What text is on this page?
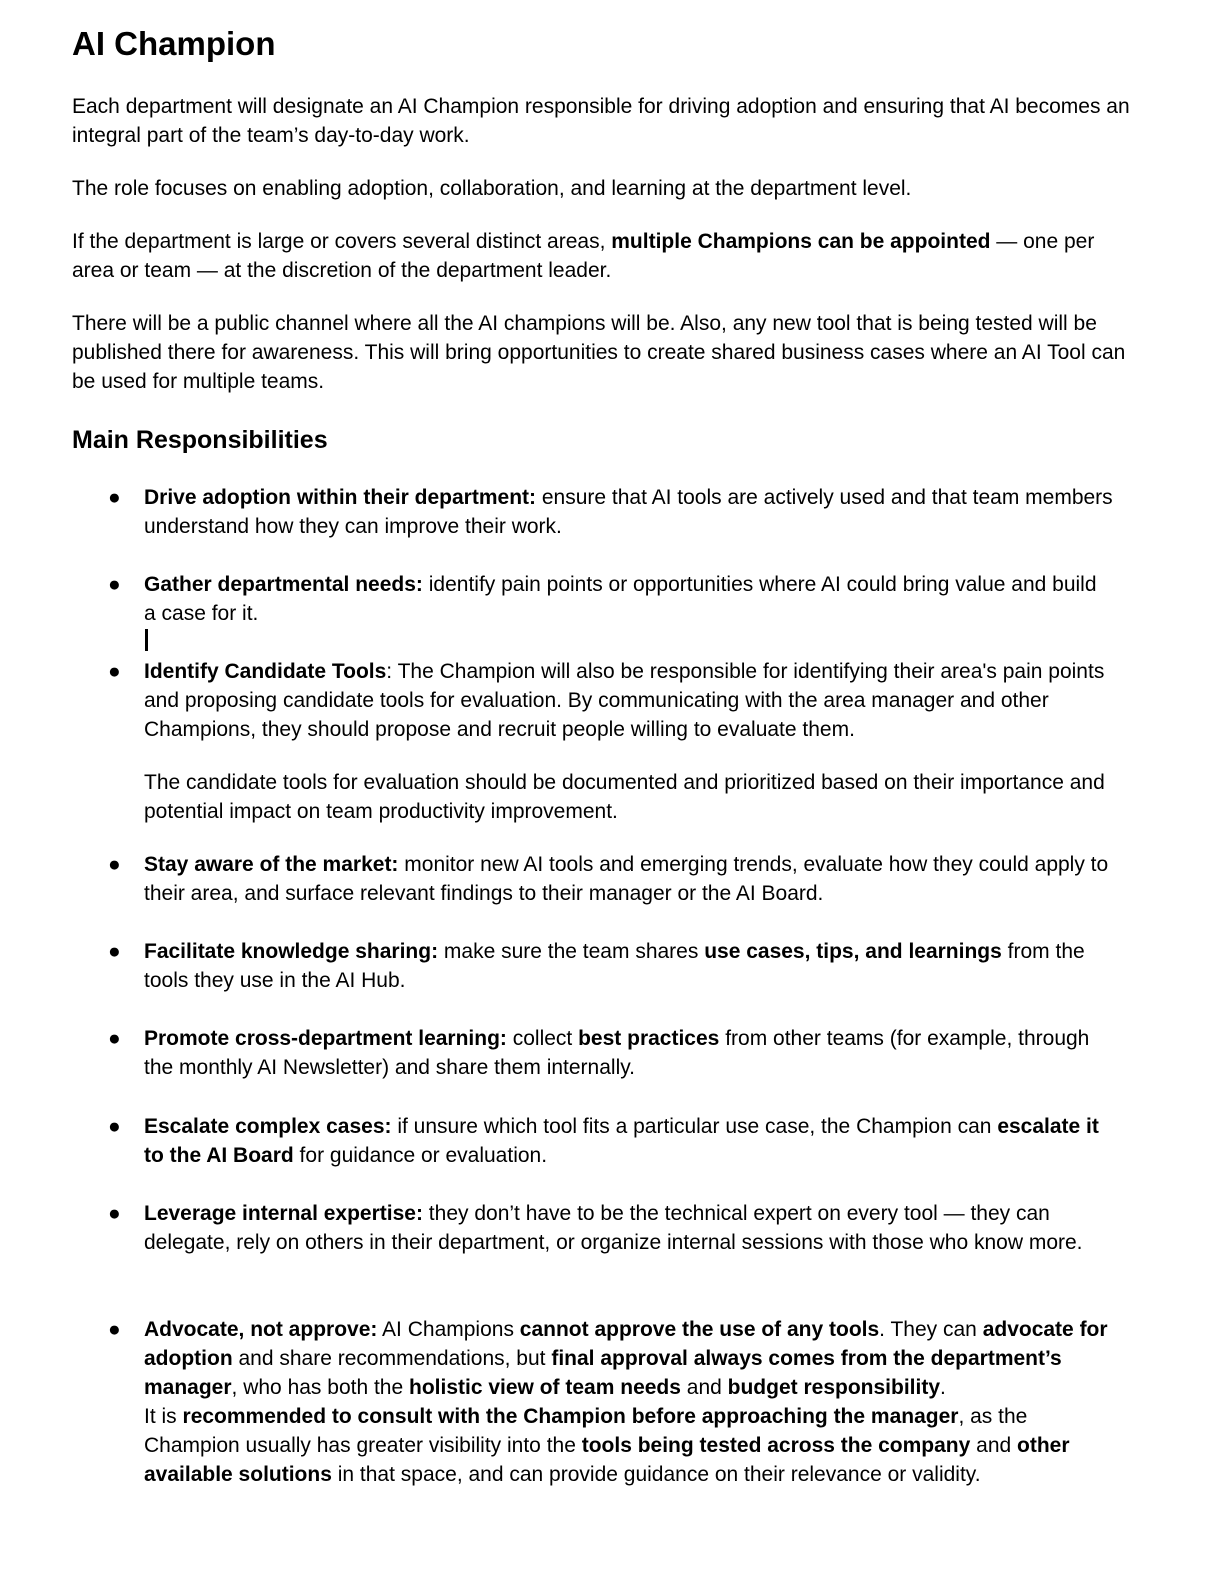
AI Champion

Each department will designate an AI Champion responsible for driving adoption and ensuring that AI becomes an integral part of the team’s day-to-day work.

The role focuses on enabling adoption, collaboration, and learning at the department level.

If the department is large or covers several distinct areas, multiple Champions can be appointed — one per area or team — at the discretion of the department leader.

There will be a public channel where all the AI champions will be. Also, any new tool that is being tested will be published there for awareness. This will bring opportunities to create shared business cases where an AI Tool can be used for multiple teams.

Main Responsibilities
● Drive adoption within their department: ensure that AI tools are actively used and that team members understand how they can improve their work.

● Gather departmental needs: identify pain points or opportunities where AI could bring value and build a case for it.

● Identify Candidate Tools: The Champion will also be responsible for identifying their area's pain points and proposing candidate tools for evaluation. By communicating with the area manager and other Champions, they should propose and recruit people willing to evaluate them.

The candidate tools for evaluation should be documented and prioritized based on their importance and potential impact on team productivity improvement.

● Stay aware of the market: monitor new AI tools and emerging trends, evaluate how they could apply to their area, and surface relevant findings to their manager or the AI Board.

● Facilitate knowledge sharing: make sure the team shares use cases, tips, and learnings from the tools they use in the AI Hub.

● Promote cross-department learning: collect best practices from other teams (for example, through the monthly AI Newsletter) and share them internally.

● Escalate complex cases: if unsure which tool fits a particular use case, the Champion can escalate it to the AI Board for guidance or evaluation.

● Leverage internal expertise: they don’t have to be the technical expert on every tool — they can delegate, rely on others in their department, or organize internal sessions with those who know more.

● Advocate, not approve: AI Champions cannot approve the use of any tools. They can advocate for adoption and share recommendations, but final approval always comes from the department’s manager, who has both the holistic view of team needs and budget responsibility.
It is recommended to consult with the Champion before approaching the manager, as the Champion usually has greater visibility into the tools being tested across the company and other available solutions in that space, and can provide guidance on their relevance or validity.
